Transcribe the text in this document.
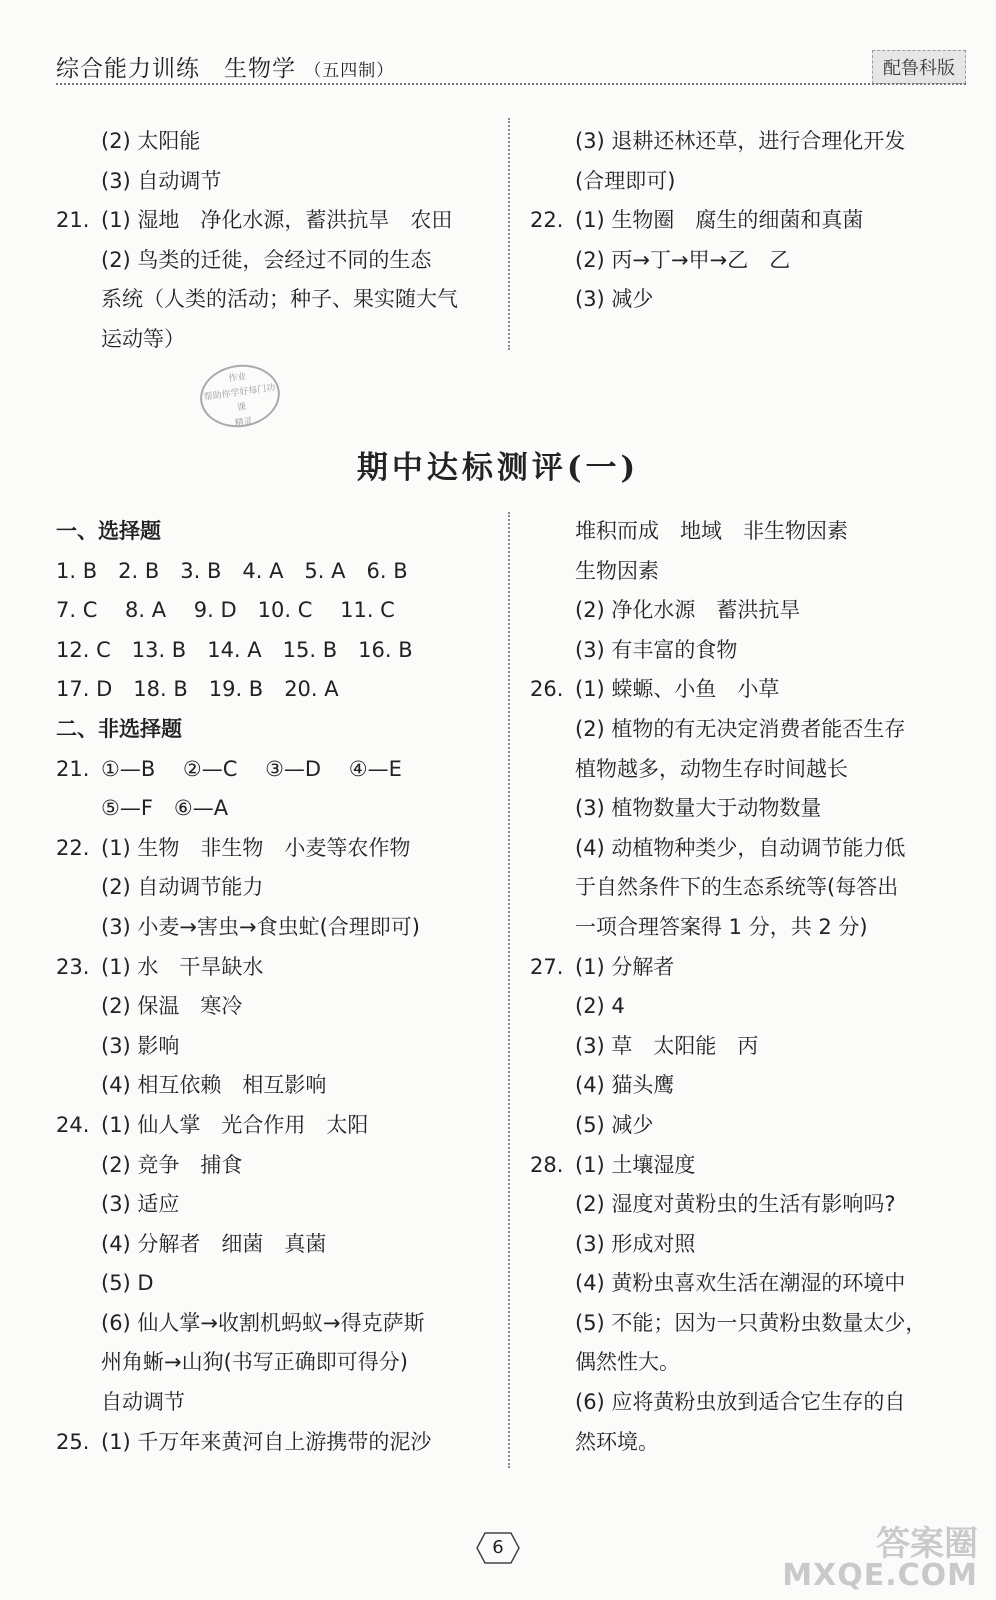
综合能力训练　生物学 （五四制）	配鲁科版
(2) 太阳能
(3) 自动调节
21. (1) 湿地　净化水源，蓄洪抗旱　农田
(2) 鸟类的迁徙，会经过不同的生态
系统（人类的活动；种子、果实随大气
运动等）
(3) 退耕还林还草，进行合理化开发
(合理即可)
22. (1) 生物圈　腐生的细菌和真菌
(2) 丙→丁→甲→乙　乙
(3) 减少
作业
帮助你学好每门功课
精灵
期中达标测评(一)
一、选择题
1. B　2. B　3. B　4. A　5. A　6. B
7. C　 8. A　 9. D　10. C　 11. C
12. C　13. B　14. A　15. B　16. B
17. D　18. B　19. B　20. A
二、非选择题
21. ①—B　 ②—C　 ③—D　 ④—E
⑤—F　⑥—A
22. (1) 生物　非生物　小麦等农作物
(2) 自动调节能力
(3) 小麦→害虫→食虫虻(合理即可)
23. (1) 水　干旱缺水
(2) 保温　寒冷
(3) 影响
(4) 相互依赖　相互影响
24. (1) 仙人掌　光合作用　太阳
(2) 竞争　捕食
(3) 适应
(4) 分解者　细菌　真菌
(5) D
(6) 仙人掌→收割机蚂蚁→得克萨斯
州角蜥→山狗(书写正确即可得分)
自动调节
25. (1) 千万年来黄河自上游携带的泥沙
堆积而成　地域　非生物因素
生物因素
(2) 净化水源　蓄洪抗旱
(3) 有丰富的食物
26. (1) 蝾螈、小鱼　小草
(2) 植物的有无决定消费者能否生存
植物越多，动物生存时间越长
(3) 植物数量大于动物数量
(4) 动植物种类少，自动调节能力低
于自然条件下的生态系统等(每答出
一项合理答案得 1 分，共 2 分)
27. (1) 分解者
(2) 4
(3) 草　太阳能　丙
(4) 猫头鹰
(5) 减少
28. (1) 土壤湿度
(2) 湿度对黄粉虫的生活有影响吗?
(3) 形成对照
(4) 黄粉虫喜欢生活在潮湿的环境中
(5) 不能；因为一只黄粉虫数量太少，
偶然性大。
(6) 应将黄粉虫放到适合它生存的自
然环境。
6	答案圈
MXQE.COM
